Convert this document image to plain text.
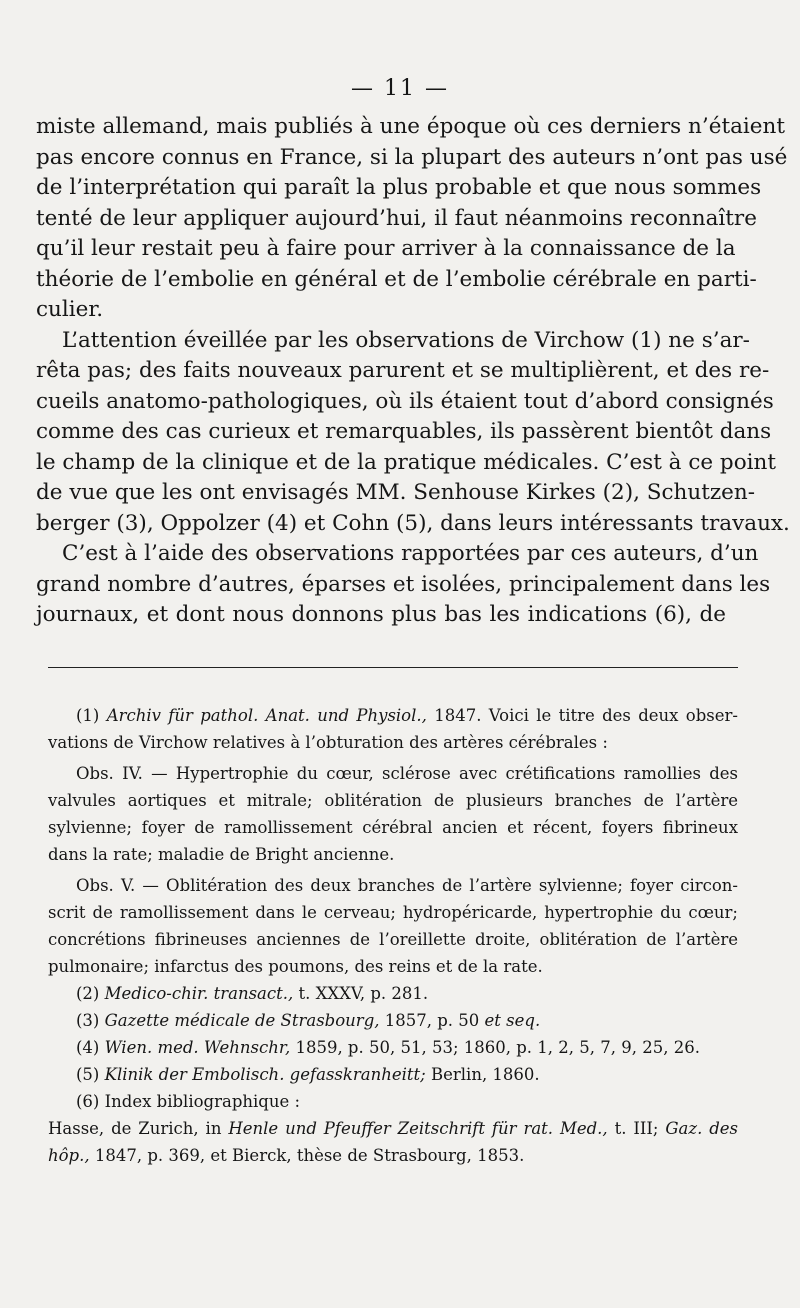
— 11 —
miste allemand, mais publiés à une époque où ces derniers n’étaient
pas encore connus en France, si la plupart des auteurs n’ont pas usé
de l’interprétation qui paraît la plus probable et que nous sommes
tenté de leur appliquer aujourd’hui, il faut néanmoins reconnaître
qu’il leur restait peu à faire pour arriver à la connaissance de la
théorie de l’embolie en général et de l’embolie cérébrale en parti-
culier.
L’attention éveillée par les observations de Virchow (1) ne s’ar-
rêta pas; des faits nouveaux parurent et se multiplièrent, et des re-
cueils anatomo-pathologiques, où ils étaient tout d’abord consignés
comme des cas curieux et remarquables, ils passèrent bientôt dans
le champ de la clinique et de la pratique médicales. C’est à ce point
de vue que les ont envisagés MM. Senhouse Kirkes (2), Schutzen-
berger (3), Oppolzer (4) et Cohn (5), dans leurs intéressants travaux.
C’est à l’aide des observations rapportées par ces auteurs, d’un
grand nombre d’autres, éparses et isolées, principalement dans les
journaux, et dont nous donnons plus bas les indications (6), de
(1) Archiv für pathol. Anat. und Physiol., 1847. Voici le titre des deux obser-
vations de Virchow relatives à l’obturation des artères cérébrales :
Obs. IV. — Hypertrophie du cœur, sclérose avec crétifications ramollies des
valvules aortiques et mitrale; oblitération de plusieurs branches de l’artère
sylvienne; foyer de ramollissement cérébral ancien et récent, foyers fibrineux
dans la rate; maladie de Bright ancienne.
Obs. V. — Oblitération des deux branches de l’artère sylvienne; foyer circon-
scrit de ramollissement dans le cerveau; hydropéricarde, hypertrophie du cœur;
concrétions fibrineuses anciennes de l’oreillette droite, oblitération de l’artère
pulmonaire; infarctus des poumons, des reins et de la rate.
(2) Medico-chir. transact., t. XXXV, p. 281.
(3) Gazette médicale de Strasbourg, 1857, p. 50 et seq.
(4) Wien. med. Wehnschr, 1859, p. 50, 51, 53; 1860, p. 1, 2, 5, 7, 9, 25, 26.
(5) Klinik der Embolisch. gefasskranheitt; Berlin, 1860.
(6) Index bibliographique :
Hasse, de Zurich, in Henle und Pfeuffer Zeitschrift für rat. Med., t. III; Gaz. des
hôp., 1847, p. 369, et Bierck, thèse de Strasbourg, 1853.
